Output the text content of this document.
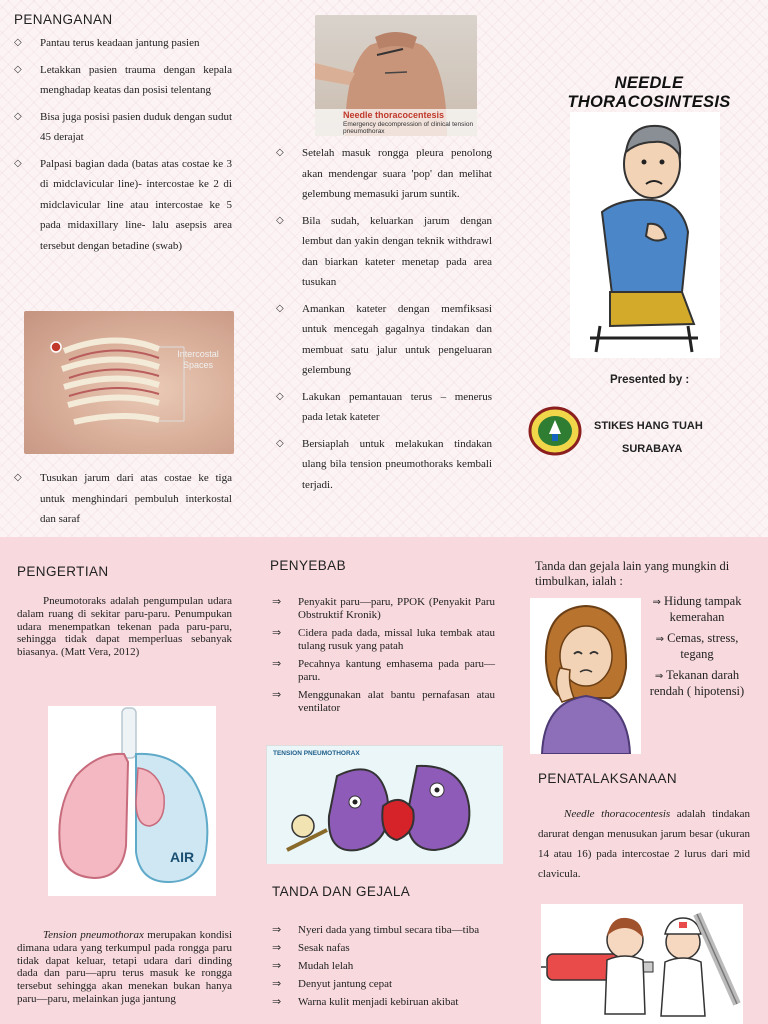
PENANGANAN
◇ Pantau terus keadaan jantung pasien
◇ Letakkan pasien trauma dengan kepala menghadap keatas dan posisi telentang
◇ Bisa juga posisi pasien duduk dengan sudut 45 derajat
◇ Palpasi bagian dada (batas atas costae ke 3 di midclavicular line)- intercostae ke 2 di midclavicular line atau intercostae ke 5 pada midaxillary line- lalu asepsis area tersebut dengan betadine (swab)
Intercostal Spaces
◇ Tusukan jarum dari atas costae ke tiga untuk menghindari pembuluh interkostal dan saraf
Needle thoracocentesis
Emergency decompression of clinical tension pneumothorax
◇ Setelah masuk rongga pleura penolong akan mendengar suara 'pop' dan melihat gelembung memasuki jarum suntik.
◇ Bila sudah, keluarkan jarum dengan lembut dan yakin dengan teknik withdrawl dan biarkan kateter menetap pada area tusukan
◇ Amankan kateter dengan memfiksasi untuk mencegah gagalnya tindakan dan membuat satu jalur untuk pengeluaran gelembung
◇ Lakukan pemantauan terus – menerus pada letak kateter
◇ Bersiaplah untuk melakukan tindakan ulang bila tension pneumothoraks kembali terjadi.
NEEDLE THORACOSINTESIS
Presented by :
STIKES HANG TUAH
SURABAYA
PENGERTIAN
Pneumotoraks adalah pengumpulan udara dalam ruang di sekitar paru-paru. Penumpukan udara menempatkan tekenan pada paru-paru, sehingga tidak dapat memperluas sebanyak biasanya. (Matt Vera, 2012)
AIR
Tension pneumothorax merupakan kondisi dimana udara yang terkumpul pada rongga paru tidak dapat keluar, tetapi udara dari dinding dada dan paru—apru terus masuk ke rongga tersebut sehingga akan menekan bukan hanya paru—paru, melainkan juga jantung
PENYEBAB
⇒ Penyakit paru—paru, PPOK (Penyakit Paru Obstruktif Kronik)
⇒ Cidera pada dada, missal luka tembak atau tulang rusuk yang patah
⇒ Pecahnya kantung emhasema pada paru—paru.
⇒ Menggunakan alat bantu pernafasan atau ventilator
TENSION PNEUMOTHORAX
TANDA DAN GEJALA
⇒ Nyeri dada yang timbul secara tiba—tiba
⇒ Sesak nafas
⇒ Mudah lelah
⇒ Denyut jantung cepat
⇒ Warna kulit menjadi kebiruan akibat
Tanda dan gejala lain yang mungkin di timbulkan, ialah :
⇒ Hidung tampak kemerahan
⇒ Cemas, stress, tegang
⇒ Tekanan darah rendah ( hipotensi)
PENATALAKSANAAN
Needle thoracocentesis adalah tindakan darurat dengan menusukan jarum besar (ukuran 14 atau 16) pada intercostae 2 lurus dari mid clavicula.
